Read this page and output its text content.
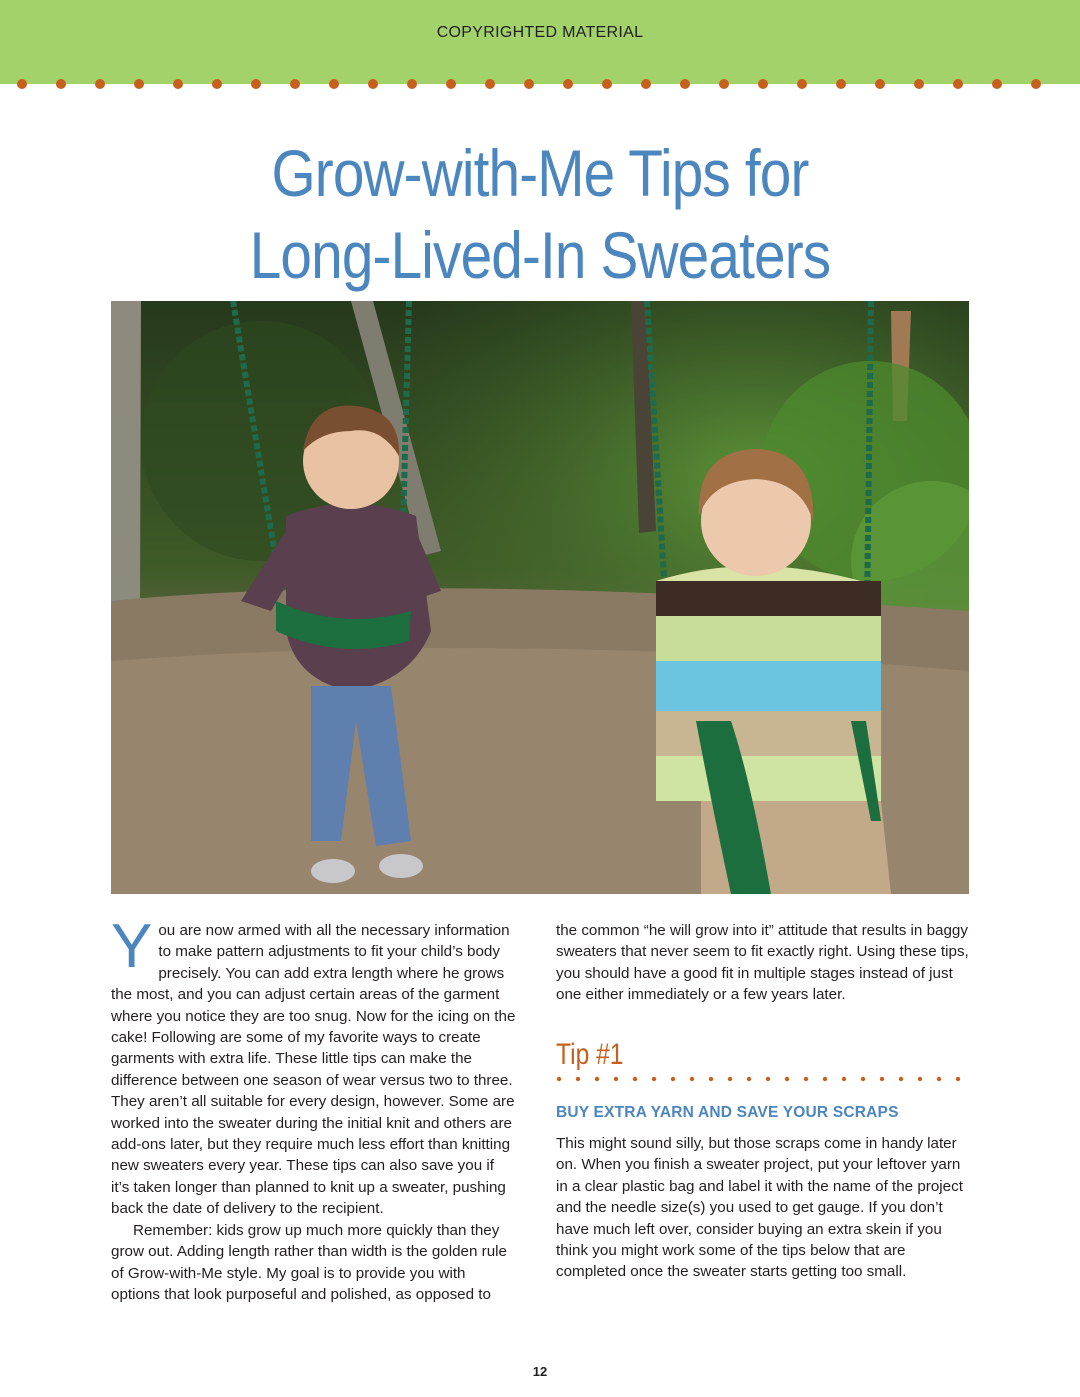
COPYRIGHTED MATERIAL
Grow-with-Me Tips for
Long-Lived-In Sweaters

You are now armed with all the necessary information to make pattern adjustments to fit your child’s body precisely. You can add extra length where he grows the most, and you can adjust certain areas of the garment where you notice they are too snug. Now for the icing on the cake! Following are some of my favorite ways to create garments with extra life. These little tips can make the difference between one season of wear versus two to three. They aren’t all suitable for every design, however. Some are worked into the sweater during the initial knit and others are add-ons later, but they require much less effort than knitting new sweaters every year. These tips can also save you if it’s taken longer than planned to knit up a sweater, pushing back the date of delivery to the recipient.

Remember: kids grow up much more quickly than they grow out. Adding length rather than width is the golden rule of Grow-with-Me style. My goal is to provide you with options that look purposeful and polished, as opposed to

the common “he will grow into it” attitude that results in baggy sweaters that never seem to fit exactly right. Using these tips, you should have a good fit in multiple stages instead of just one either immediately or a few years later.

Tip #1
BUY EXTRA YARN AND SAVE YOUR SCRAPS

This might sound silly, but those scraps come in handy later on. When you finish a sweater project, put your leftover yarn in a clear plastic bag and label it with the name of the project and the needle size(s) you used to get gauge. If you don’t have much left over, consider buying an extra skein if you think you might work some of the tips below that are completed once the sweater starts getting too small.

12
